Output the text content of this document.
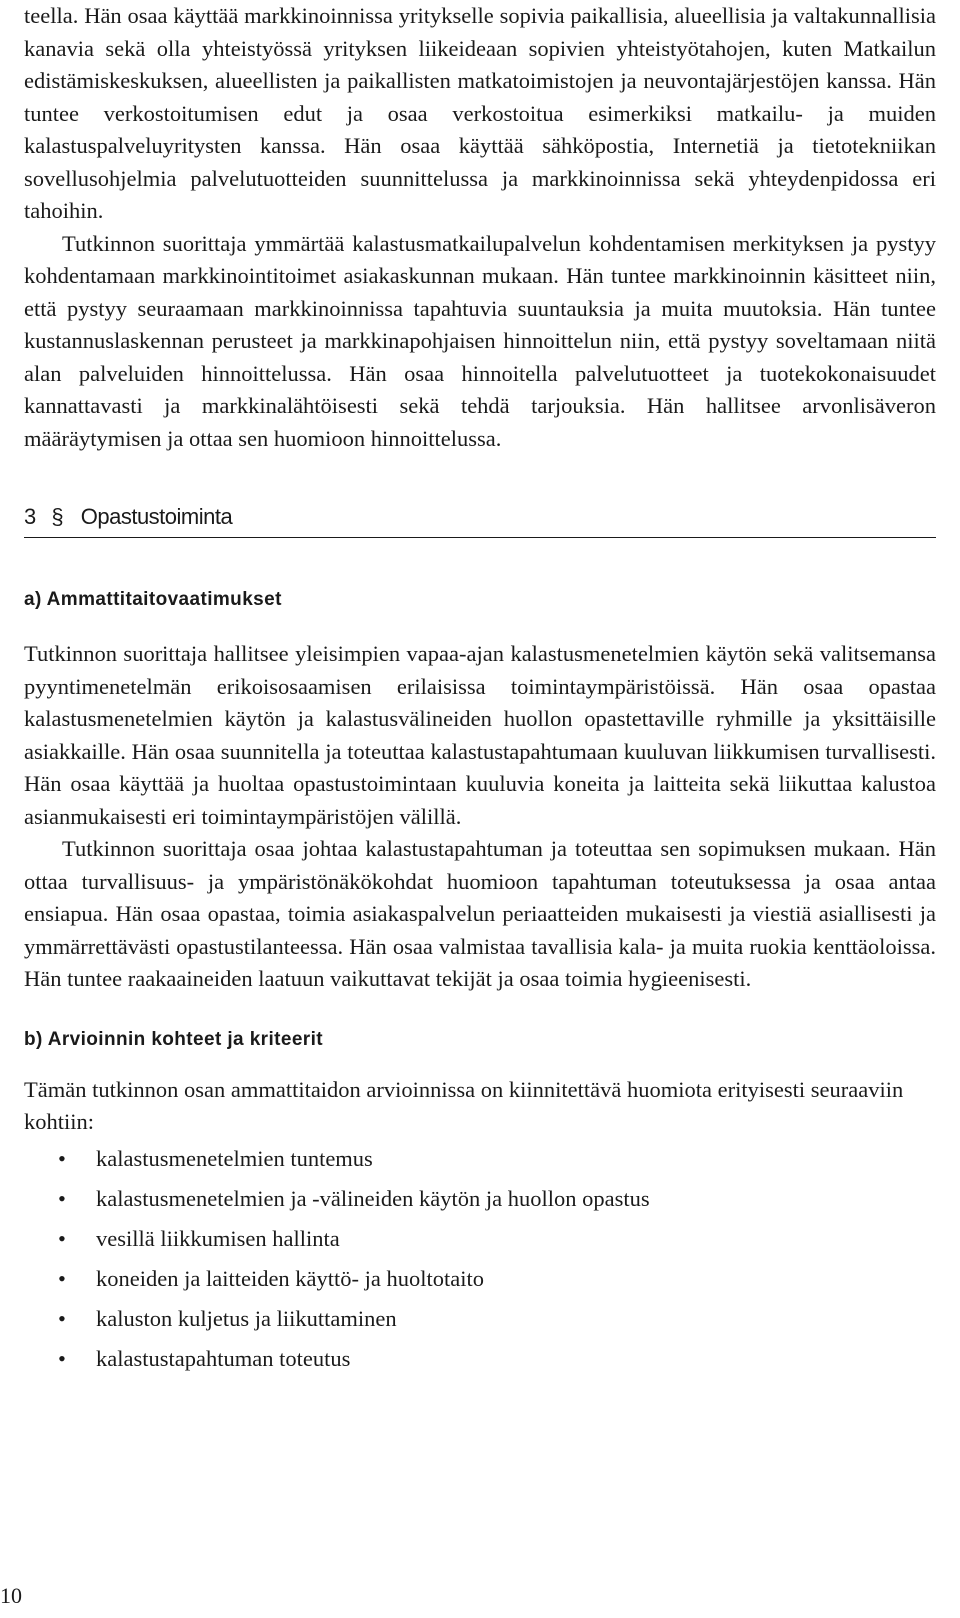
teella. Hän osaa käyttää markkinoinnissa yritykselle sopivia paikallisia, alueellisia ja valtakunnallisia kanavia sekä olla yhteistyössä yrityksen liikeideaan sopivien yhteistyötahojen, kuten Matkailun edistämiskeskuksen, alueellisten ja paikallisten matkatoimistojen ja neuvontajärjestöjen kanssa. Hän tuntee verkostoitumisen edut ja osaa verkostoitua esimerkiksi matkailu- ja muiden kalastuspalveluyritysten kanssa. Hän osaa käyttää sähköpostia, Internetiä ja tietotekniikan sovellusohjelmia palvelutuotteiden suunnittelussa ja markkinoinnissa sekä yhteydenpidossa eri tahoihin.

Tutkinnon suorittaja ymmärtää kalastusmatkailupalvelun kohdentamisen merkityksen ja pystyy kohdentamaan markkinointitoimet asiakaskunnan mukaan. Hän tuntee markkinoinnin käsitteet niin, että pystyy seuraamaan markkinoinnissa tapahtuvia suuntauksia ja muita muutoksia. Hän tuntee kustannuslaskennan perusteet ja markkinapohjaisen hinnoittelun niin, että pystyy soveltamaan niitä alan palveluiden hinnoittelussa. Hän osaa hinnoitella palvelutuotteet ja tuotekokonaisuudet kannattavasti ja markkinalähtöisesti sekä tehdä tarjouksia. Hän hallitsee arvonlisäveron määräytymisen ja ottaa sen huomioon hinnoittelussa.

3 § Opastustoiminta
a) Ammattitaitovaatimukset

Tutkinnon suorittaja hallitsee yleisimpien vapaa-ajan kalastusmenetelmien käytön sekä valitsemansa pyyntimenetelmän erikoisosaamisen erilaisissa toimintaympäristöissä. Hän osaa opastaa kalastusmenetelmien käytön ja kalastusvälineiden huollon opastettaville ryhmille ja yksittäisille asiakkaille. Hän osaa suunnitella ja toteuttaa kalastustapahtumaan kuuluvan liikkumisen turvallisesti. Hän osaa käyttää ja huoltaa opastustoimintaan kuuluvia koneita ja laitteita sekä liikuttaa kalustoa asianmukaisesti eri toimintaympäristöjen välillä.

Tutkinnon suorittaja osaa johtaa kalastustapahtuman ja toteuttaa sen sopimuksen mukaan. Hän ottaa turvallisuus- ja ympäristönäkökohdat huomioon tapahtuman toteutuksessa ja osaa antaa ensiapua. Hän osaa opastaa, toimia asiakaspalvelun periaatteiden mukaisesti ja viestiä asiallisesti ja ymmärrettävästi opastustilanteessa. Hän osaa valmistaa tavallisia kala- ja muita ruokia kenttäoloissa. Hän tuntee raakaaineiden laatuun vaikuttavat tekijät ja osaa toimia hygieenisesti.

b) Arvioinnin kohteet ja kriteerit

Tämän tutkinnon osan ammattitaidon arvioinnissa on kiinnitettävä huomiota erityisesti seuraaviin kohtiin:

• kalastusmenetelmien tuntemus
• kalastusmenetelmien ja -välineiden käytön ja huollon opastus
• vesillä liikkumisen hallinta
• koneiden ja laitteiden käyttö- ja huoltotaito
• kaluston kuljetus ja liikuttaminen
• kalastustapahtuman toteutus
10
